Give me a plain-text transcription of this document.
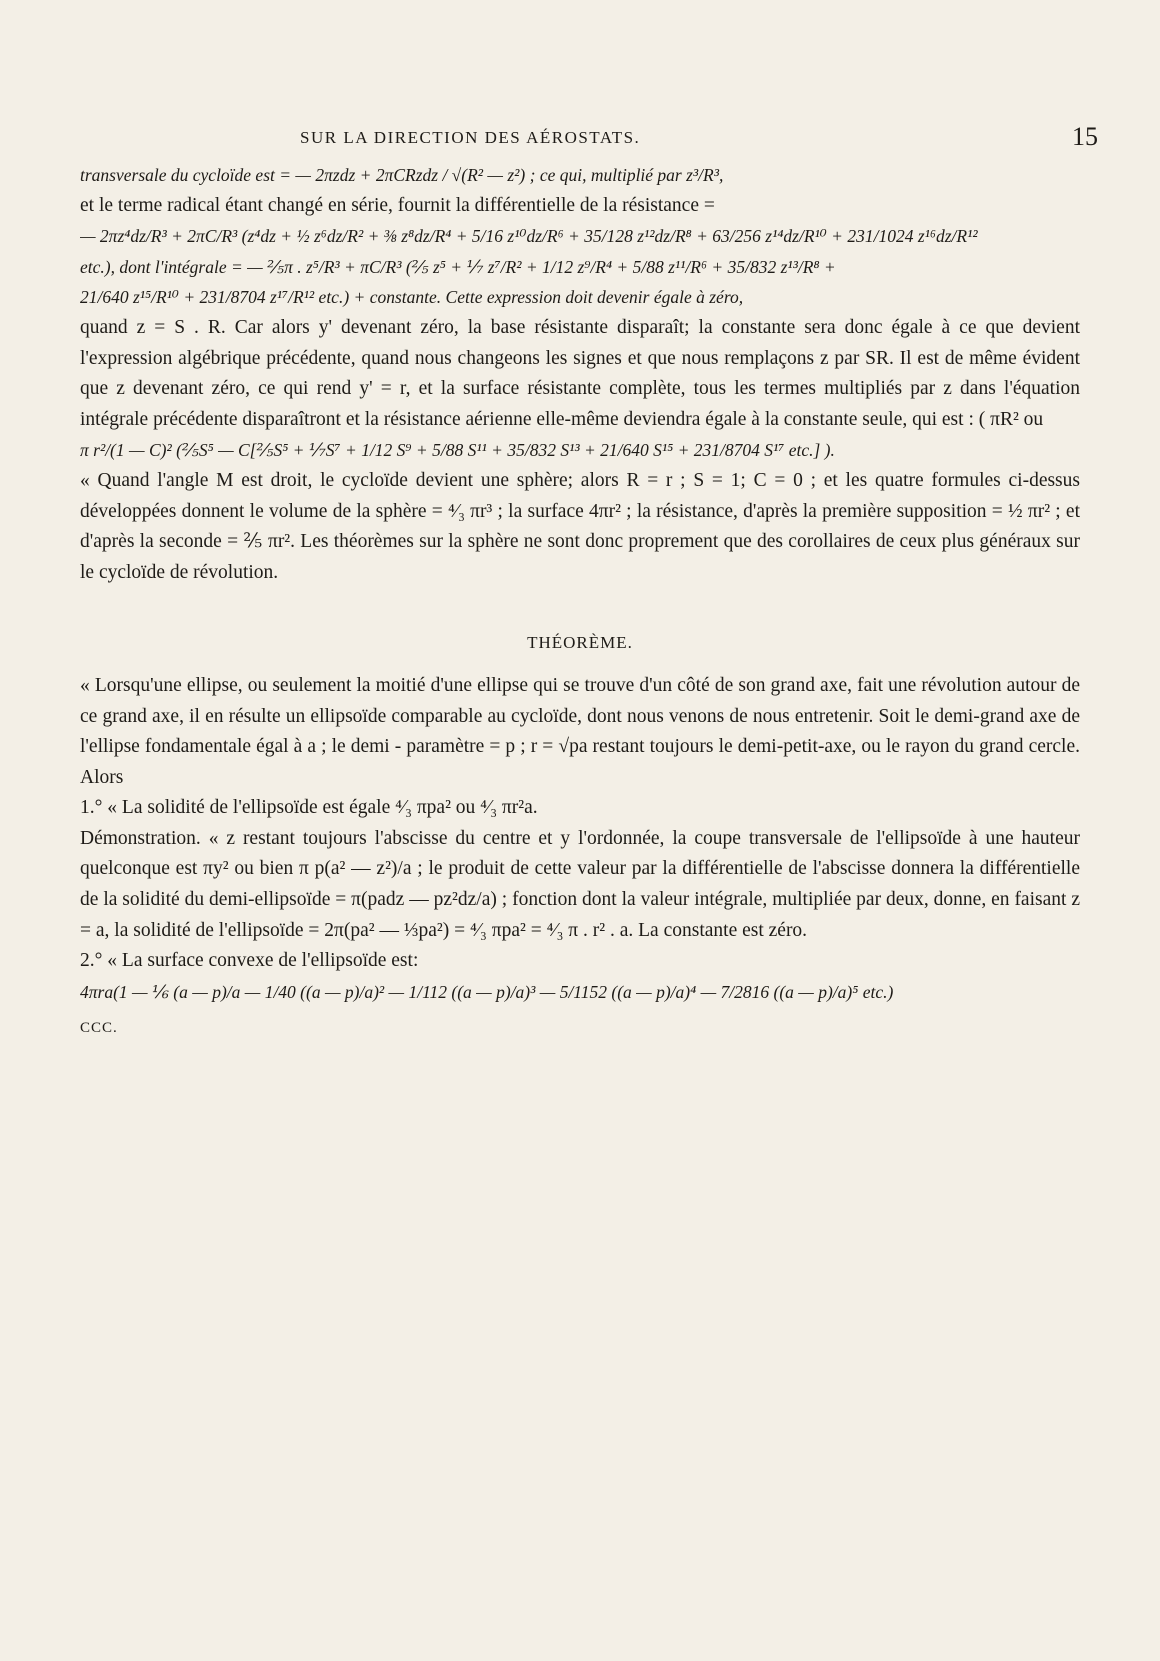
SUR LA DIRECTION DES AÉROSTATS.	15
transversale du cycloïde est = — 2πzdz + 2πCRzdz / √(R² — z²) ; ce qui, multiplié par z³/R³,

et le terme radical étant changé en série, fournit la différentielle de la résistance =

— 2πz⁴dz/R³ + 2πC/R³ (z⁴dz + ½ z⁶dz/R² + ⅜ z⁸dz/R⁴ + 5/16 z¹⁰dz/R⁶ + 35/128 z¹²dz/R⁸ + 63/256 z¹⁴dz/R¹⁰ + 231/1024 z¹⁶dz/R¹²
etc.), dont l'intégrale = — ⅖π . z⁵/R³ + πC/R³ (⅖ z⁵ + ⅐ z⁷/R² + 1/12 z⁹/R⁴ + 5/88 z¹¹/R⁶ + 35/832 z¹³/R⁸ +
21/640 z¹⁵/R¹⁰ + 231/8704 z¹⁷/R¹² etc.) + constante. Cette expression doit devenir égale à zéro,

quand z = S . R. Car alors y' devenant zéro, la base résistante disparaît; la constante sera donc égale à ce que devient l'expression algébrique précédente, quand nous changeons les signes et que nous remplaçons z par SR. Il est de même évident que z devenant zéro, ce qui rend y' = r, et la surface résistante complète, tous les termes multipliés par z dans l'équation intégrale précédente disparaîtront et la résistance aérienne elle-même deviendra égale à la constante seule, qui est : ( πR² ou

π r²/(1 — C)² (⅖S⁵ — C[⅖S⁵ + ⅐S⁷ + 1/12 S⁹ + 5/88 S¹¹ + 35/832 S¹³ + 21/640 S¹⁵ + 231/8704 S¹⁷ etc.] ).

« Quand l'angle M est droit, le cycloïde devient une sphère; alors R = r ; S = 1; C = 0 ; et les quatre formules ci-dessus développées donnent le volume de la sphère = ⁴⁄₃ πr³ ; la surface 4πr² ; la résistance, d'après la première supposition = ½ πr² ; et d'après la seconde = ⅖ πr². Les théorèmes sur la sphère ne sont donc proprement que des corollaires de ceux plus généraux sur le cycloïde de révolution.

THÉORÈME.

« Lorsqu'une ellipse, ou seulement la moitié d'une ellipse qui se trouve d'un côté de son grand axe, fait une révolution autour de ce grand axe, il en résulte un ellipsoïde comparable au cycloïde, dont nous venons de nous entretenir. Soit le demi-grand axe de l'ellipse fondamentale égal à a ; le demi - paramètre = p ; r = √pa restant toujours le demi-petit-axe, ou le rayon du grand cercle. Alors

1.° « La solidité de l'ellipsoïde est égale ⁴⁄₃ πpa² ou ⁴⁄₃ πr²a.

Démonstration. « z restant toujours l'abscisse du centre et y l'ordonnée, la coupe transversale de l'ellipsoïde à une hauteur quelconque est πy² ou bien π p(a² — z²)/a ; le produit de cette valeur par la différentielle de l'abscisse donnera la différentielle de la solidité du demi-ellipsoïde = π(padz — pz²dz/a) ; fonction dont la valeur intégrale, multipliée par deux, donne, en faisant z = a, la solidité de l'ellipsoïde = 2π(pa² — ⅓pa²) = ⁴⁄₃ πpa² = ⁴⁄₃ π . r² . a. La constante est zéro.

2.° « La surface convexe de l'ellipsoïde est:

4πra(1 — ⅙ (a — p)/a — 1/40 ((a — p)/a)² — 1/112 ((a — p)/a)³ — 5/1152 ((a — p)/a)⁴ — 7/2816 ((a — p)/a)⁵ etc.)
CCC.
